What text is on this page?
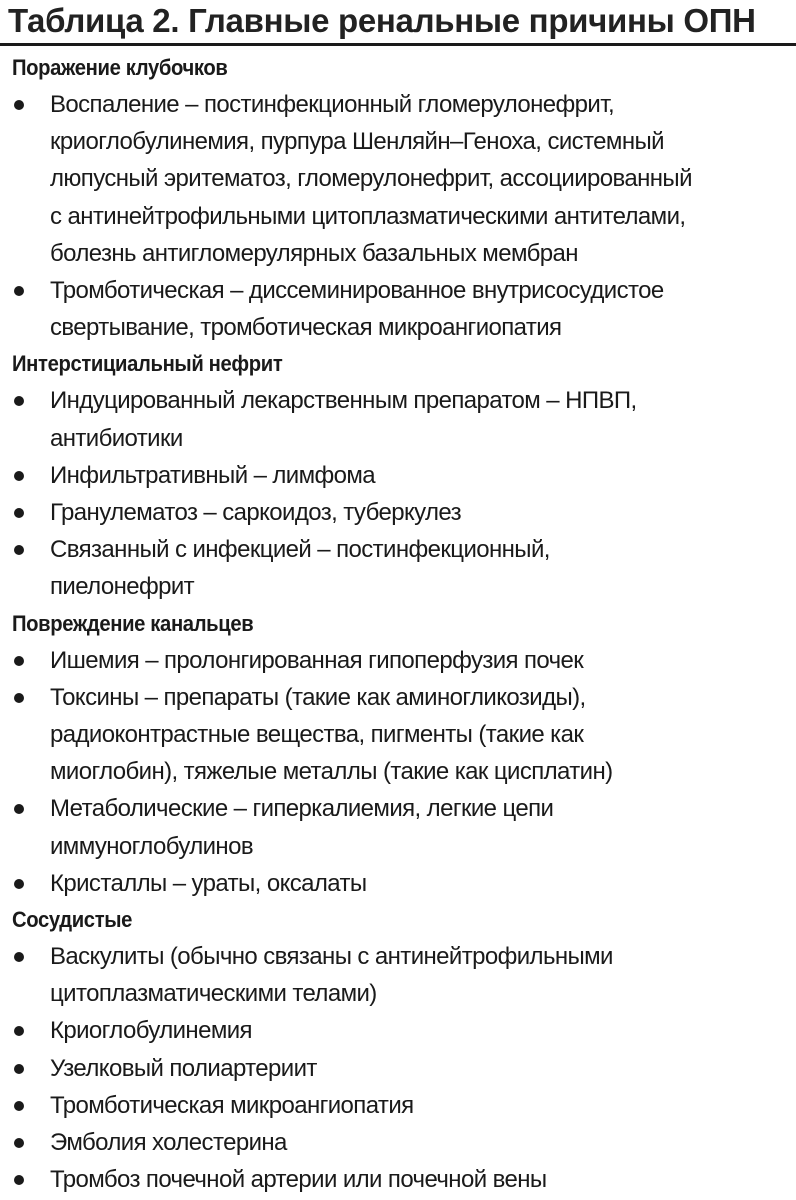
Таблица 2. Главные ренальные причины ОПН
Поражение клубочков
Воспаление – постинфекционный гломерулонефрит,
криоглобулинемия, пурпура Шенляйн–Геноха, системный
люпусный эритематоз, гломерулонефрит, ассоциированный
с антинейтрофильными цитоплазматическими антителами,
болезнь антигломерулярных базальных мембран
Тромботическая – диссеминированное внутрисосудистое
свертывание, тромботическая микроангиопатия
Интерстициальный нефрит
Индуцированный лекарственным препаратом – НПВП,
антибиотики
Инфильтративный – лимфома
Гранулематоз – саркоидоз, туберкулез
Связанный с инфекцией – постинфекционный,
пиелонефрит
Повреждение канальцев
Ишемия – пролонгированная гипоперфузия почек
Токсины – препараты (такие как аминогликозиды),
радиоконтрастные вещества, пигменты (такие как
миоглобин), тяжелые металлы (такие как цисплатин)
Метаболические – гиперкалиемия, легкие цепи
иммуноглобулинов
Кристаллы – ураты, оксалаты
Сосудистые
Васкулиты (обычно связаны с антинейтрофильными
цитоплазматическими телами)
Криоглобулинемия
Узелковый полиартериит
Тромботическая микроангиопатия
Эмболия холестерина
Тромбоз почечной артерии или почечной вены
